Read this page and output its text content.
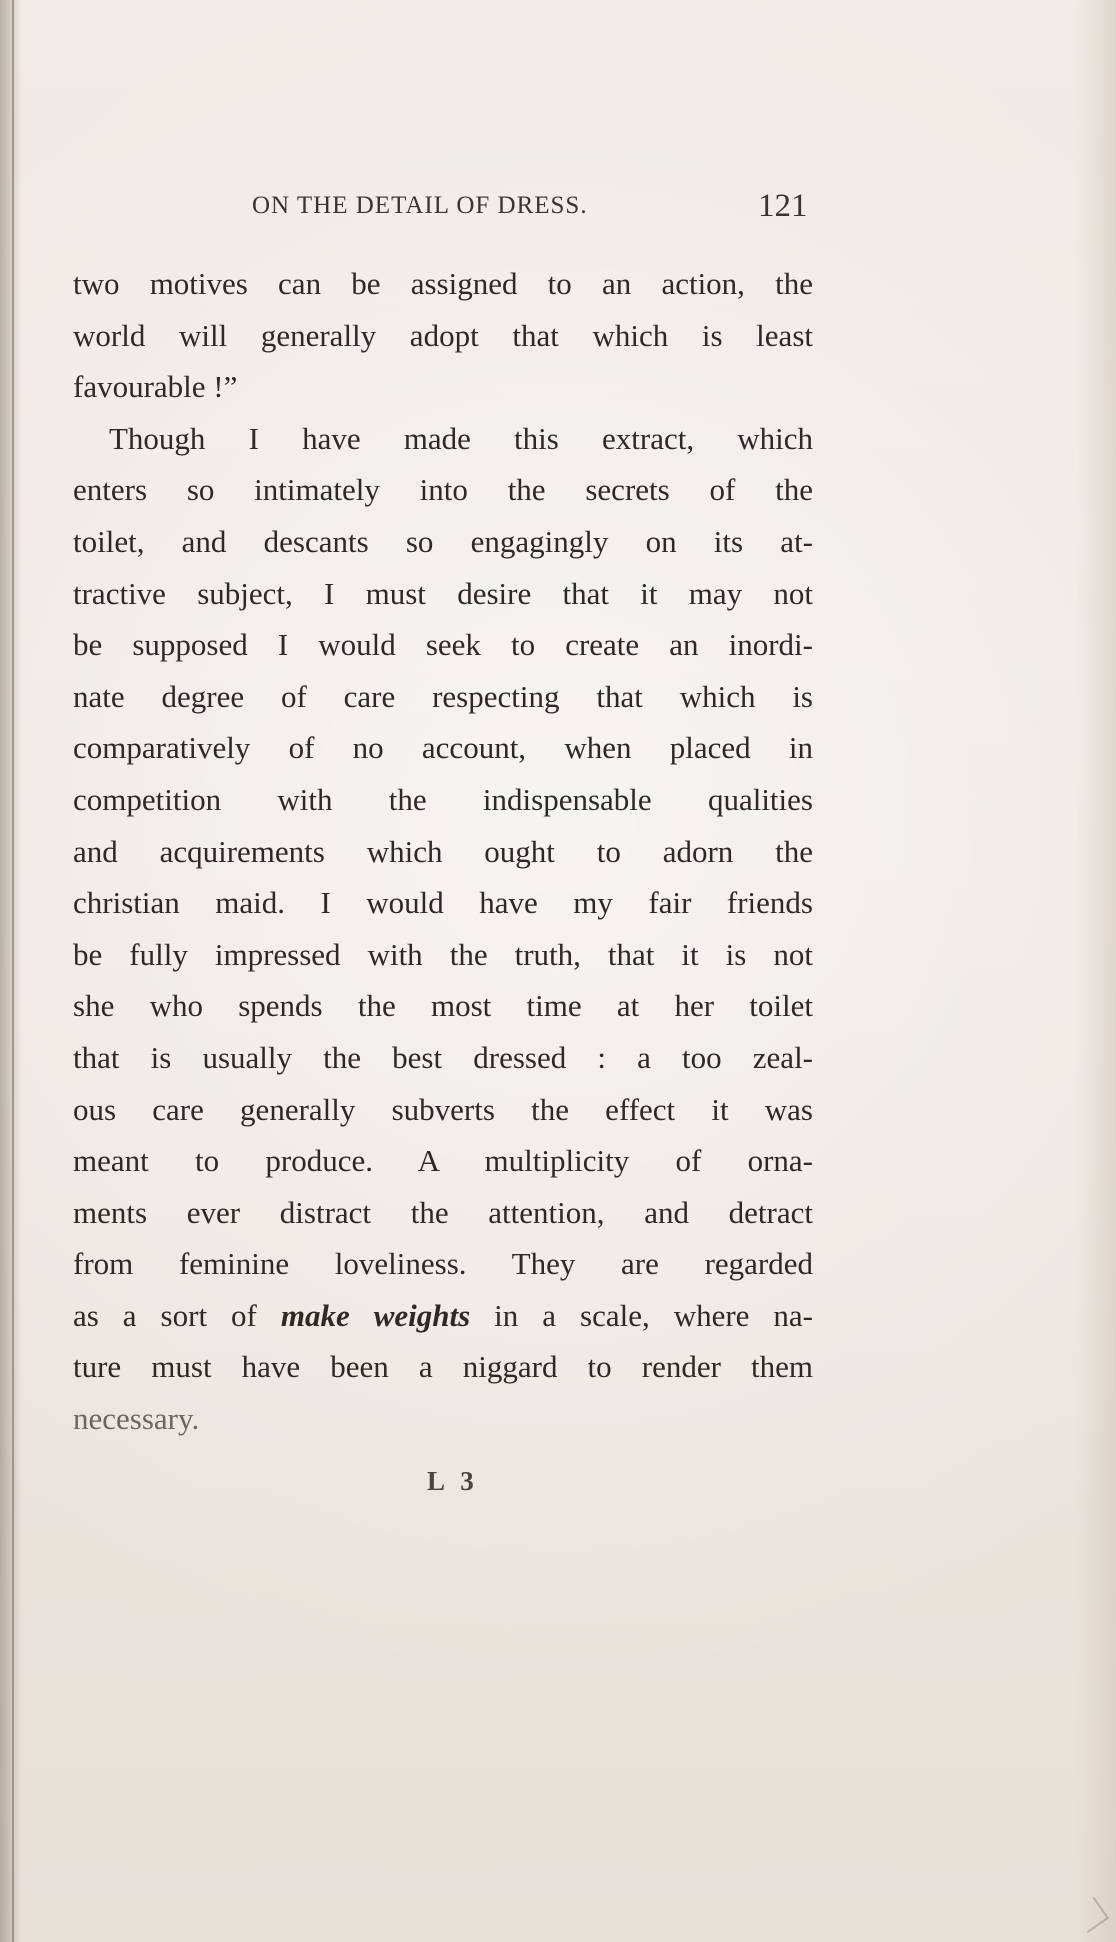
ON THE DETAIL OF DRESS.	121
two motives can be assigned to an action, the
world will generally adopt that which is least
favourable !”
Though I have made this extract, which
enters so intimately into the secrets of the
toilet, and descants so engagingly on its at-
tractive subject, I must desire that it may not
be supposed I would seek to create an inordi-
nate degree of care respecting that which is
comparatively of no account, when placed in
competition with the indispensable qualities
and acquirements which ought to adorn the
christian maid. I would have my fair friends
be fully impressed with the truth, that it is not
she who spends the most time at her toilet
that is usually the best dressed : a too zeal-
ous care generally subverts the effect it was
meant to produce. A multiplicity of orna-
ments ever distract the attention, and detract
from feminine loveliness. They are regarded
as a sort of make weights in a scale, where na-
ture must have been a niggard to render them
necessary.
L 3
